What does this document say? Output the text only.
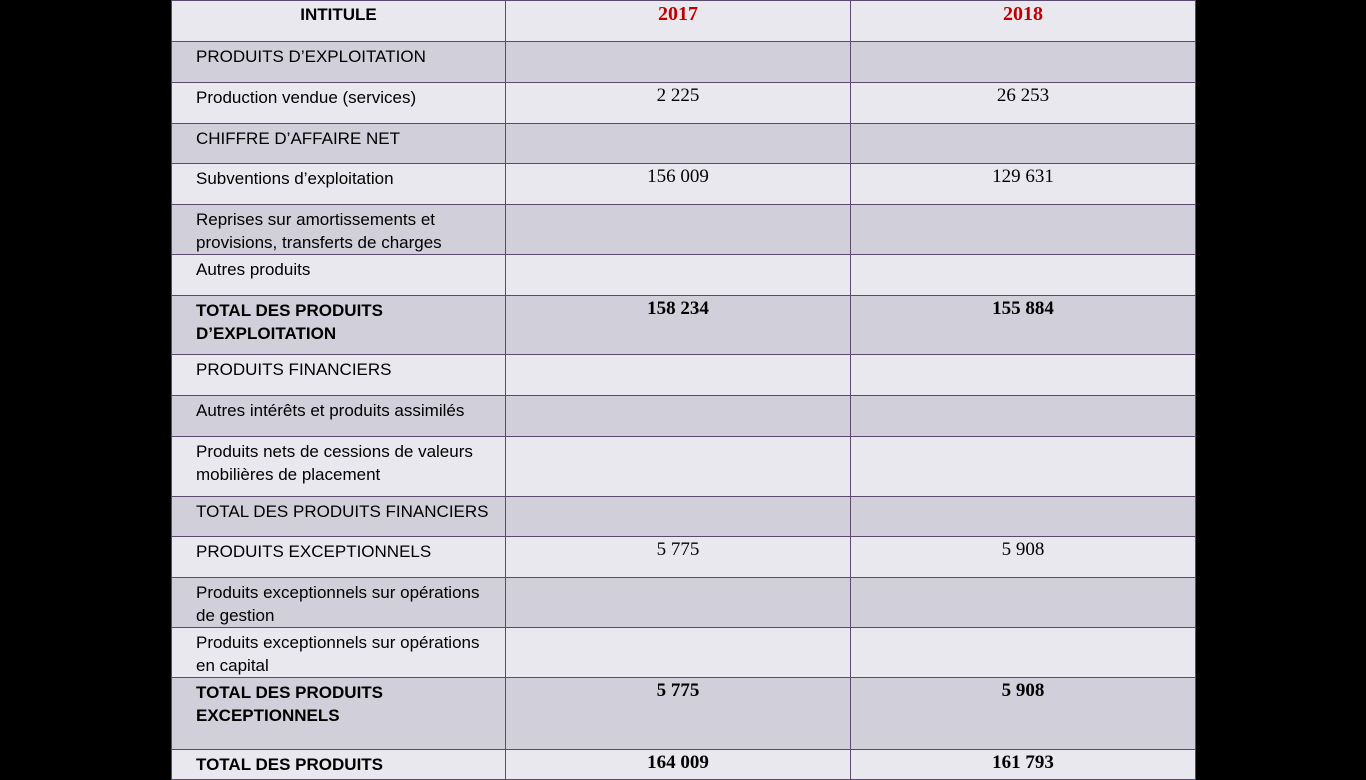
INTITULE	2017	2018

PRODUITS D’EXPLOITATION		

Production vendue (services)	2 225	26 253

CHIFFRE D’AFFAIRE NET		

Subventions d’exploitation	156 009	129 631

Reprises sur amortissements et provisions, transferts de charges		

Autres produits		

TOTAL DES PRODUITS D’EXPLOITATION	158 234	155 884

PRODUITS FINANCIERS		

Autres intérêts et produits assimilés		

Produits nets de cessions de valeurs mobilières de placement		

TOTAL DES PRODUITS FINANCIERS		

PRODUITS EXCEPTIONNELS	5 775	5 908

Produits exceptionnels sur opérations de gestion		

Produits exceptionnels sur opérations en capital		

TOTAL DES PRODUITS EXCEPTIONNELS	5 775	5 908

TOTAL DES PRODUITS	164 009	161 793
